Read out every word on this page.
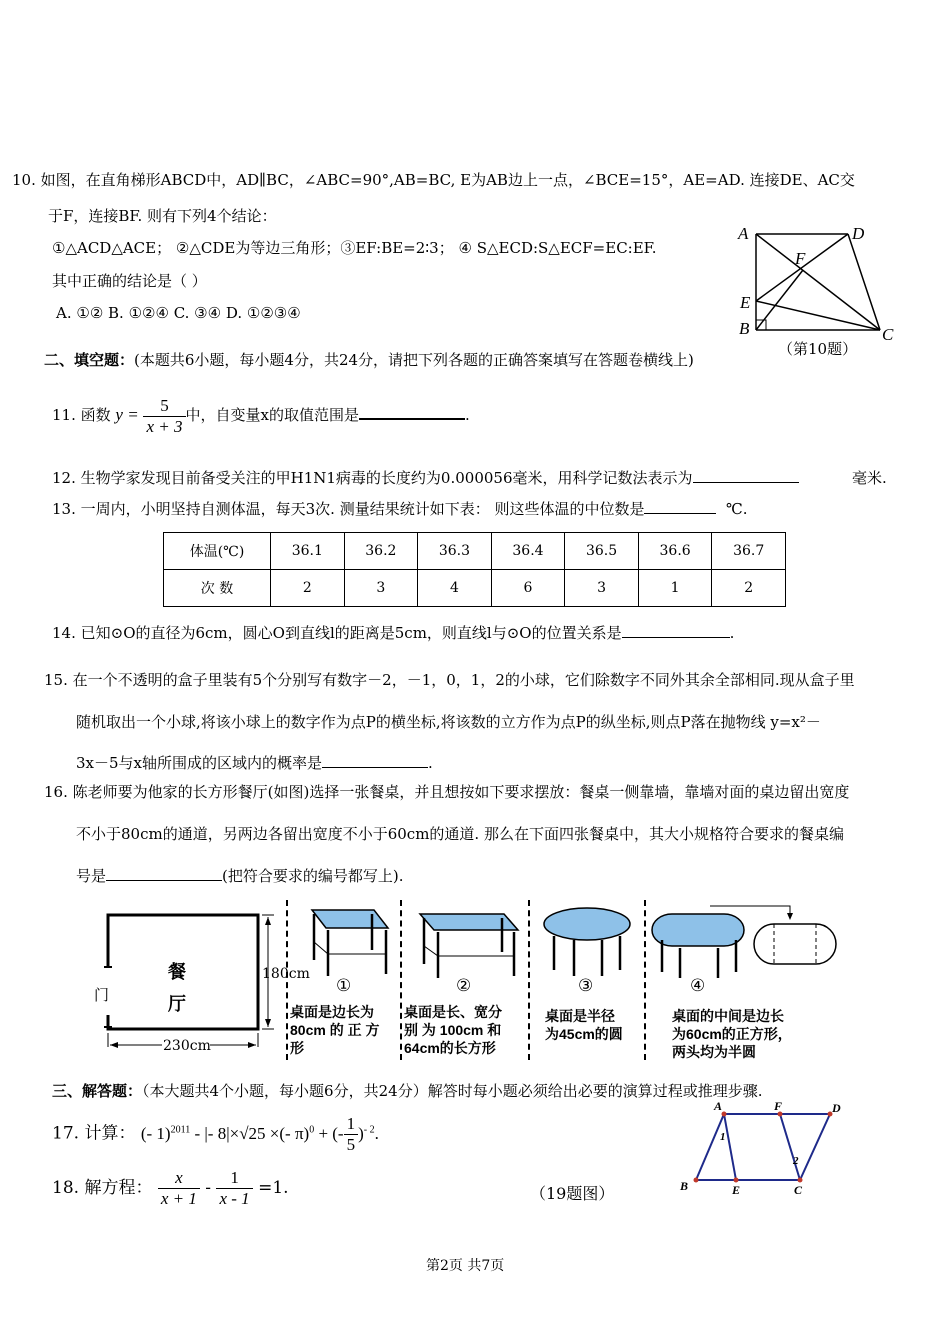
10. 如图，在直角梯形ABCD中，AD∥BC，∠ABC=90°,AB=BC, E为AB边上一点，∠BCE=15°，AE=AD. 连接DE、AC交
于F，连接BF. 则有下列4个结论：
①△ACD△ACE； ②△CDE为等边三角形；③EF:BE=2∶3； ④ S△ECD:S△ECF=EC:EF.
其中正确的结论是（ ）
A. ①② B. ①②④ C. ③④ D. ①②③④
A	D
F
E
B	C
（第10题）
二、填空题：(本题共6小题，每小题4分，共24分，请把下列各题的正确答案填写在答题卷横线上)
11. 函数 $y = \frac{5}{x + 3}$ 中，自变量x的取值范围是	.
12. 生物学家发现目前备受关注的甲H1N1病毒的长度约为0.000056毫米，用科学记数法表示为	毫米.
13. 一周内，小明坚持自测体温，每天3次. 测量结果统计如下表： 则这些体温的中位数是	℃.
体温(℃)	36.1	36.2	36.3	36.4	36.5	36.6	36.7
次 数	2	3	4	6	3	1	2
14. 已知⊙O的直径为6cm，圆心O到直线l的距离是5cm，则直线l与⊙O的位置关系是	.
15. 在一个不透明的盒子里装有5个分别写有数字－2，－1，0，1，2的小球，它们除数字不同外其余全部相同.现从盒子里
随机取出一个小球,将该小球上的数字作为点P的横坐标,将该数的立方作为点P的纵坐标,则点P落在抛物线 y=x²－
3x－5与x轴所围成的区域内的概率是	.
16. 陈老师要为他家的长方形餐厅(如图)选择一张餐桌，并且想按如下要求摆放：餐桌一侧靠墙，靠墙对面的桌边留出宽度
不小于80cm的通道，另两边各留出宽度不小于60cm的通道. 那么在下面四张餐桌中，其大小规格符合要求的餐桌编
号是	(把符合要求的编号都写上).
门
餐
厅
180cm
230cm
①
桌面是边长为
80cm 的 正 方
形
②
桌面是长、宽分
别 为 100cm 和
64cm的长方形
③
桌面是半径
为45cm的圆
④
桌面的中间是边长
为60cm的正方形，
两头均为半圆
三、解答题：（本大题共4个小题，每小题6分，共24分）解答时每小题必须给出必要的演算过程或推理步骤.
17. 计算： (- 1)$^{2011}$ - |- 8|×√25 ×(- π)$^0$ + (- $\frac{1}{5} )^{- 2}$.
18. 解方程： $\frac{x}{x + 1} - \frac{1}{x - 1} =1$.
A	F	D
B	E	C
1
2
（19题图）
第2页 共7页
